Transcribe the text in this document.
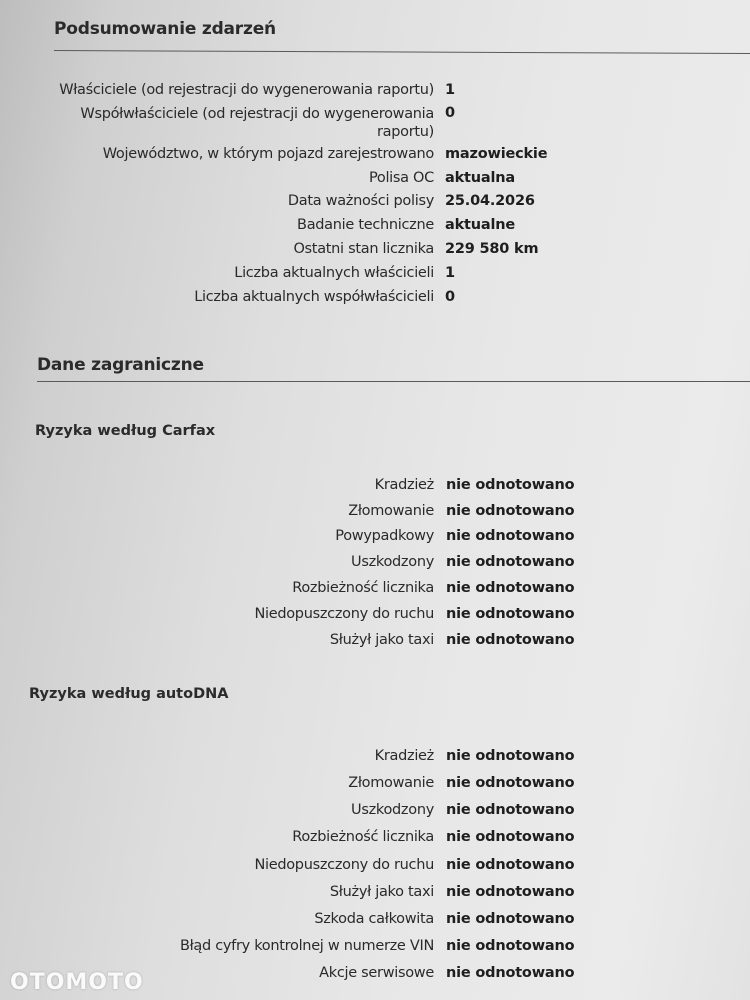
Podsumowanie zdarzeń
Właściciele (od rejestracji do wygenerowania raportu) 1
Współwłaściciele (od rejestracji do wygenerowania raportu)
0
Województwo, w którym pojazd zarejestrowano mazowieckie
Polisa OC aktualna
Data ważności polisy 25.04.2026
Badanie techniczne aktualne
Ostatni stan licznika 229 580 km
Liczba aktualnych właścicieli 1
Liczba aktualnych współwłaścicieli 0
Dane zagraniczne
Ryzyka według Carfax
Kradzież nie odnotowano
Złomowanie nie odnotowano
Powypadkowy nie odnotowano
Uszkodzony nie odnotowano
Rozbieżność licznika nie odnotowano
Niedopuszczony do ruchu nie odnotowano
Służył jako taxi nie odnotowano
Ryzyka według autoDNA
Kradzież nie odnotowano
Złomowanie nie odnotowano
Uszkodzony nie odnotowano
Rozbieżność licznika nie odnotowano
Niedopuszczony do ruchu nie odnotowano
Służył jako taxi nie odnotowano
Szkoda całkowita nie odnotowano
Błąd cyfry kontrolnej w numerze VIN nie odnotowano
Akcje serwisowe nie odnotowano
OTOMOTO
